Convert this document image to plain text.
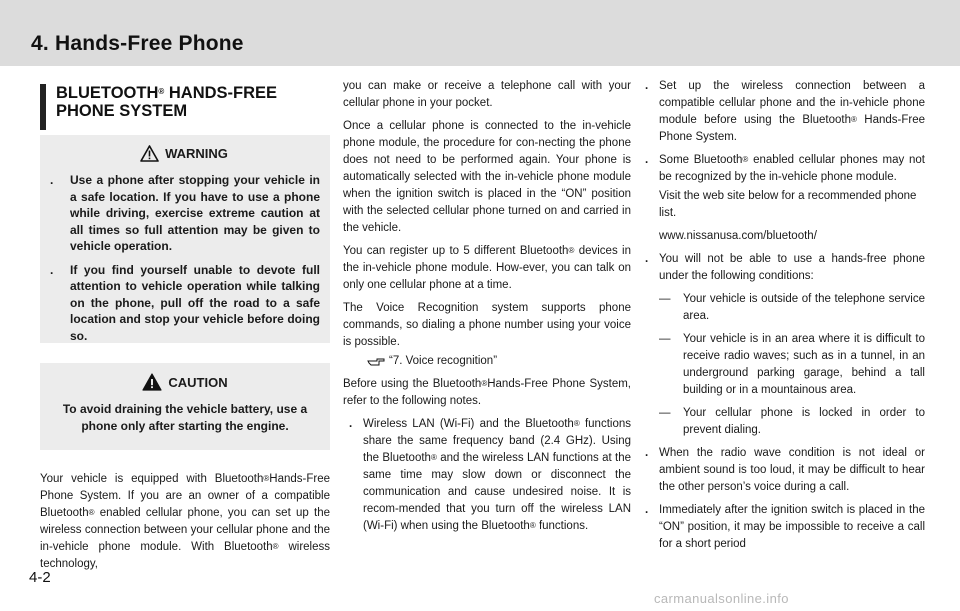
4. Hands-Free Phone
BLUETOOTH® HANDS-FREE
PHONE SYSTEM
WARNING
.	Use a phone after stopping your vehicle in a safe location. If you have to use a phone while driving, exercise extreme caution at all times so full attention may be given to vehicle operation.
.	If you find yourself unable to devote full attention to vehicle operation while talking on the phone, pull off the road to a safe location and stop your vehicle before doing so.
CAUTION
To avoid draining the vehicle battery, use a phone only after starting the engine.

Your vehicle is equipped with Bluetooth®Hands-Free Phone System. If you are an owner of a compatible Bluetooth® enabled cellular phone, you can set up the wireless connection between your cellular phone and the in-vehicle phone module. With Bluetooth® wireless technology,

you can make or receive a telephone call with your cellular phone in your pocket.

Once a cellular phone is connected to the in-vehicle phone module, the procedure for con-necting the phone does not need to be performed again. Your phone is automatically selected with the in-vehicle phone module when the ignition switch is placed in the “ON” position with the selected cellular phone turned on and carried in the vehicle.

You can register up to 5 different Bluetooth® devices in the in-vehicle phone module. How-ever, you can talk on only one cellular phone at a time.

The Voice Recognition system supports phone commands, so dialing a phone number using your voice is possible.

“7. Voice recognition”

Before using the Bluetooth®Hands-Free Phone System, refer to the following notes.

. Wireless LAN (Wi-Fi) and the Bluetooth® functions share the same frequency band (2.4 GHz). Using the Bluetooth® and the wireless LAN functions at the same time may slow down or disconnect the communication and cause undesired noise. It is recom-mended that you turn off the wireless LAN (Wi-Fi) when using the Bluetooth® functions.
. Set up the wireless connection between a compatible cellular phone and the in-vehicle phone module before using the Bluetooth® Hands-Free Phone System.
. Some Bluetooth® enabled cellular phones may not be recognized by the in-vehicle phone module.

Visit the web site below for a recommended phone list.

www.nissanusa.com/bluetooth/

. You will not be able to use a hands-free phone under the following conditions:
—	Your vehicle is outside of the telephone service area.
—	Your vehicle is in an area where it is difficult to receive radio waves; such as in a tunnel, in an underground parking garage, behind a tall building or in a mountainous area.
—	Your cellular phone is locked in order to prevent dialing.
. When the radio wave condition is not ideal or ambient sound is too loud, it may be difficult to hear the other person’s voice during a call.
. Immediately after the ignition switch is placed in the “ON” position, it may be impossible to receive a call for a short period

4-2

carmanualsonline.info
